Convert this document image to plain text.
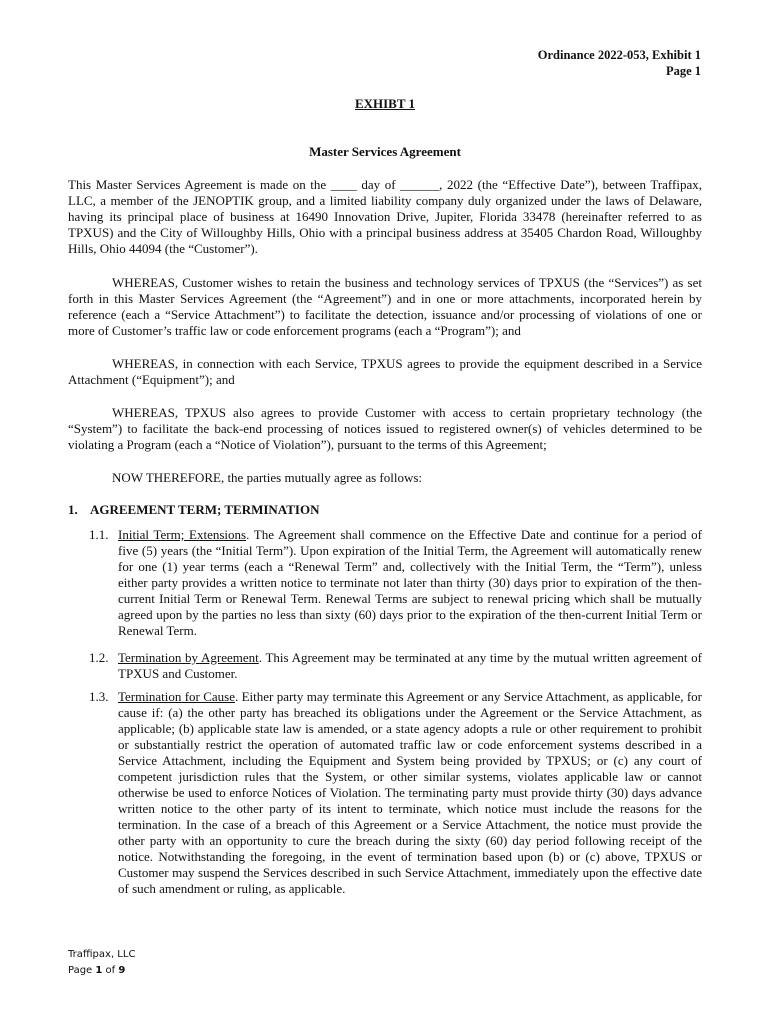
Ordinance 2022-053, Exhibit 1
Page 1
EXHIBT 1
Master Services Agreement
This Master Services Agreement is made on the ____ day of ______, 2022 (the “Effective Date”), between Traffipax, LLC, a member of the JENOPTIK group, and a limited liability company duly organized under the laws of Delaware, having its principal place of business at 16490 Innovation Drive, Jupiter, Florida 33478 (hereinafter referred to as TPXUS) and the City of Willoughby Hills, Ohio with a principal business address at 35405 Chardon Road, Willoughby Hills, Ohio 44094 (the “Customer”).
WHEREAS, Customer wishes to retain the business and technology services of TPXUS (the “Services”) as set forth in this Master Services Agreement (the “Agreement”) and in one or more attachments, incorporated herein by reference (each a “Service Attachment”) to facilitate the detection, issuance and/or processing of violations of one or more of Customer’s traffic law or code enforcement programs (each a “Program”); and
WHEREAS, in connection with each Service, TPXUS agrees to provide the equipment described in a Service Attachment (“Equipment”); and
WHEREAS, TPXUS also agrees to provide Customer with access to certain proprietary technology (the “System”) to facilitate the back-end processing of notices issued to registered owner(s) of vehicles determined to be violating a Program (each a “Notice of Violation”), pursuant to the terms of this Agreement;
NOW THEREFORE, the parties mutually agree as follows:
1. AGREEMENT TERM; TERMINATION
1.1. Initial Term; Extensions. The Agreement shall commence on the Effective Date and continue for a period of five (5) years (the “Initial Term”). Upon expiration of the Initial Term, the Agreement will automatically renew for one (1) year terms (each a “Renewal Term” and, collectively with the Initial Term, the “Term”), unless either party provides a written notice to terminate not later than thirty (30) days prior to expiration of the then-current Initial Term or Renewal Term. Renewal Terms are subject to renewal pricing which shall be mutually agreed upon by the parties no less than sixty (60) days prior to the expiration of the then-current Initial Term or Renewal Term.
1.2. Termination by Agreement. This Agreement may be terminated at any time by the mutual written agreement of TPXUS and Customer.
1.3. Termination for Cause. Either party may terminate this Agreement or any Service Attachment, as applicable, for cause if: (a) the other party has breached its obligations under the Agreement or the Service Attachment, as applicable; (b) applicable state law is amended, or a state agency adopts a rule or other requirement to prohibit or substantially restrict the operation of automated traffic law or code enforcement systems described in a Service Attachment, including the Equipment and System being provided by TPXUS; or (c) any court of competent jurisdiction rules that the System, or other similar systems, violates applicable law or cannot otherwise be used to enforce Notices of Violation. The terminating party must provide thirty (30) days advance written notice to the other party of its intent to terminate, which notice must include the reasons for the termination. In the case of a breach of this Agreement or a Service Attachment, the notice must provide the other party with an opportunity to cure the breach during the sixty (60) day period following receipt of the notice. Notwithstanding the foregoing, in the event of termination based upon (b) or (c) above, TPXUS or Customer may suspend the Services described in such Service Attachment, immediately upon the effective date of such amendment or ruling, as applicable.
Traffipax, LLC
Page 1 of 9
